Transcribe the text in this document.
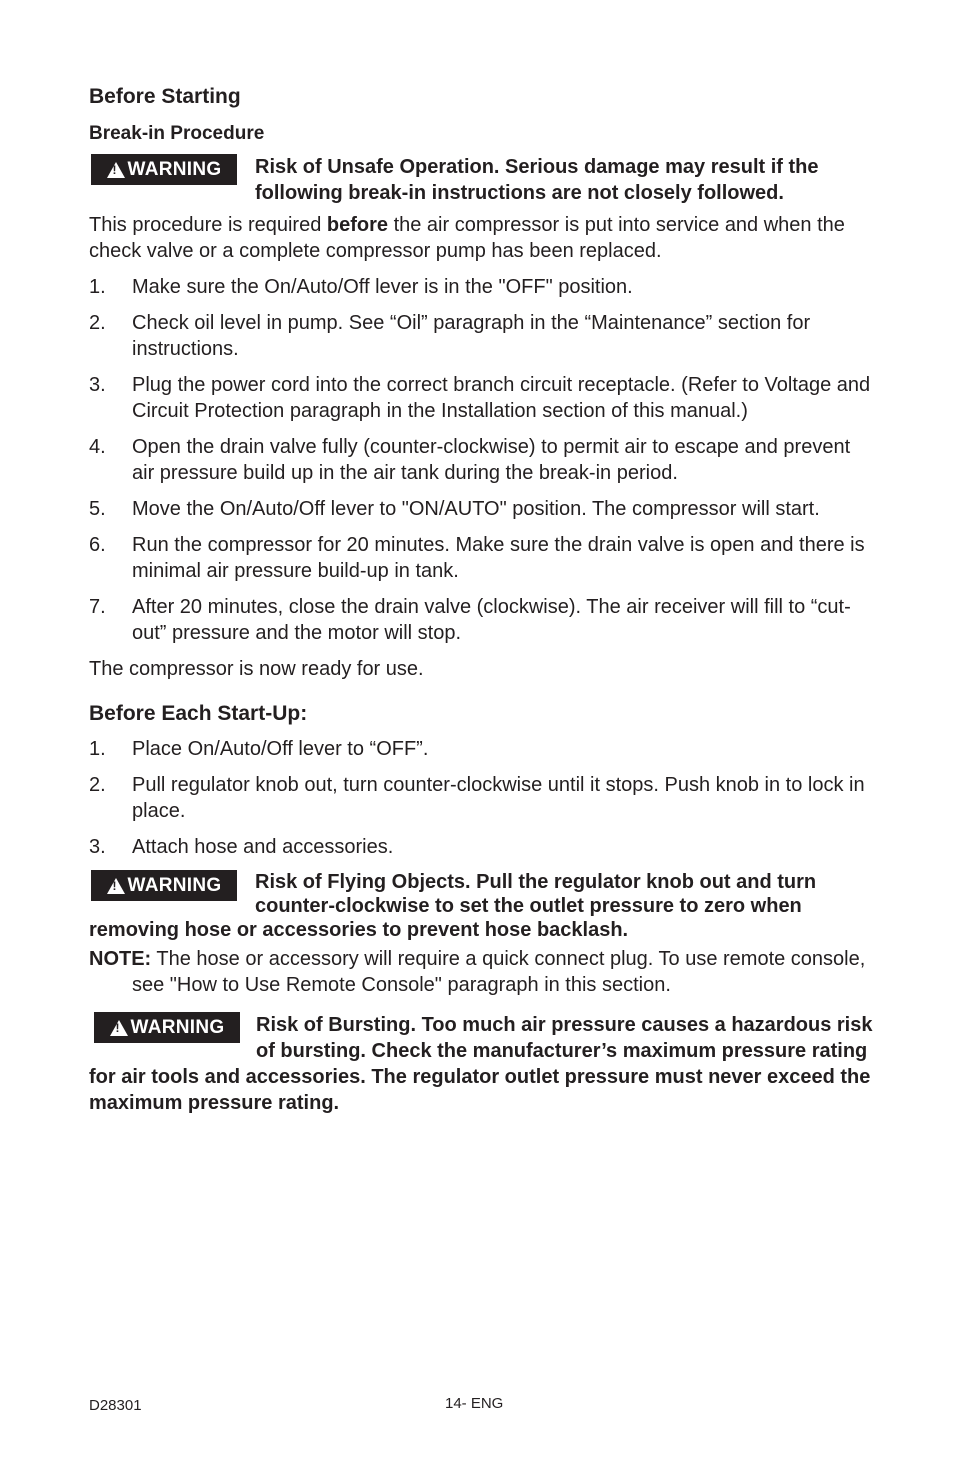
Before Starting
Break-in Procedure
!
WARNING	Risk of Unsafe Operation. Serious damage may result if the following break-in instructions are not closely followed.

This procedure is required before the air compressor is put into service and when the check valve or a complete compressor pump has been replaced.

1.	Make sure the On/Auto/Off lever is in the "OFF" position.
2.	Check oil level in pump. See “Oil” paragraph in the “Maintenance” section for instructions.
3.	Plug the power cord into the correct branch circuit receptacle. (Refer to Voltage and Circuit Protection paragraph in the Installation section of this manual.)
4.	Open the drain valve fully (counter-clockwise) to permit air to escape and prevent air pressure build up in the air tank during the break-in period.
5.	Move the On/Auto/Off lever to "ON/AUTO" position. The compressor will start.
6.	Run the compressor for 20 minutes. Make sure the drain valve is open and there is minimal air pressure build-up in tank.
7.	After 20 minutes, close the drain valve (clockwise). The air receiver will fill to “cut-out” pressure and the motor will stop.

The compressor is now ready for use.

Before Each Start-Up:
1.	Place On/Auto/Off lever to “OFF”.
2.	Pull regulator knob out, turn counter-clockwise until it stops. Push knob in to lock in place.
3.	Attach hose and accessories.
!
WARNING	Risk of Flying Objects. Pull the regulator knob out and turn counter-clockwise to set the outlet pressure to zero when removing hose or accessories to prevent hose backlash.

NOTE: The hose or accessory will require a quick connect plug. To use remote console, see "How to Use Remote Console" paragraph in this section.

!
WARNING	Risk of Bursting. Too much air pressure causes a hazardous risk of bursting. Check the manufacturer’s maximum pressure rating for air tools and accessories. The regulator outlet pressure must never exceed the maximum pressure rating.
D28301	14- ENG
